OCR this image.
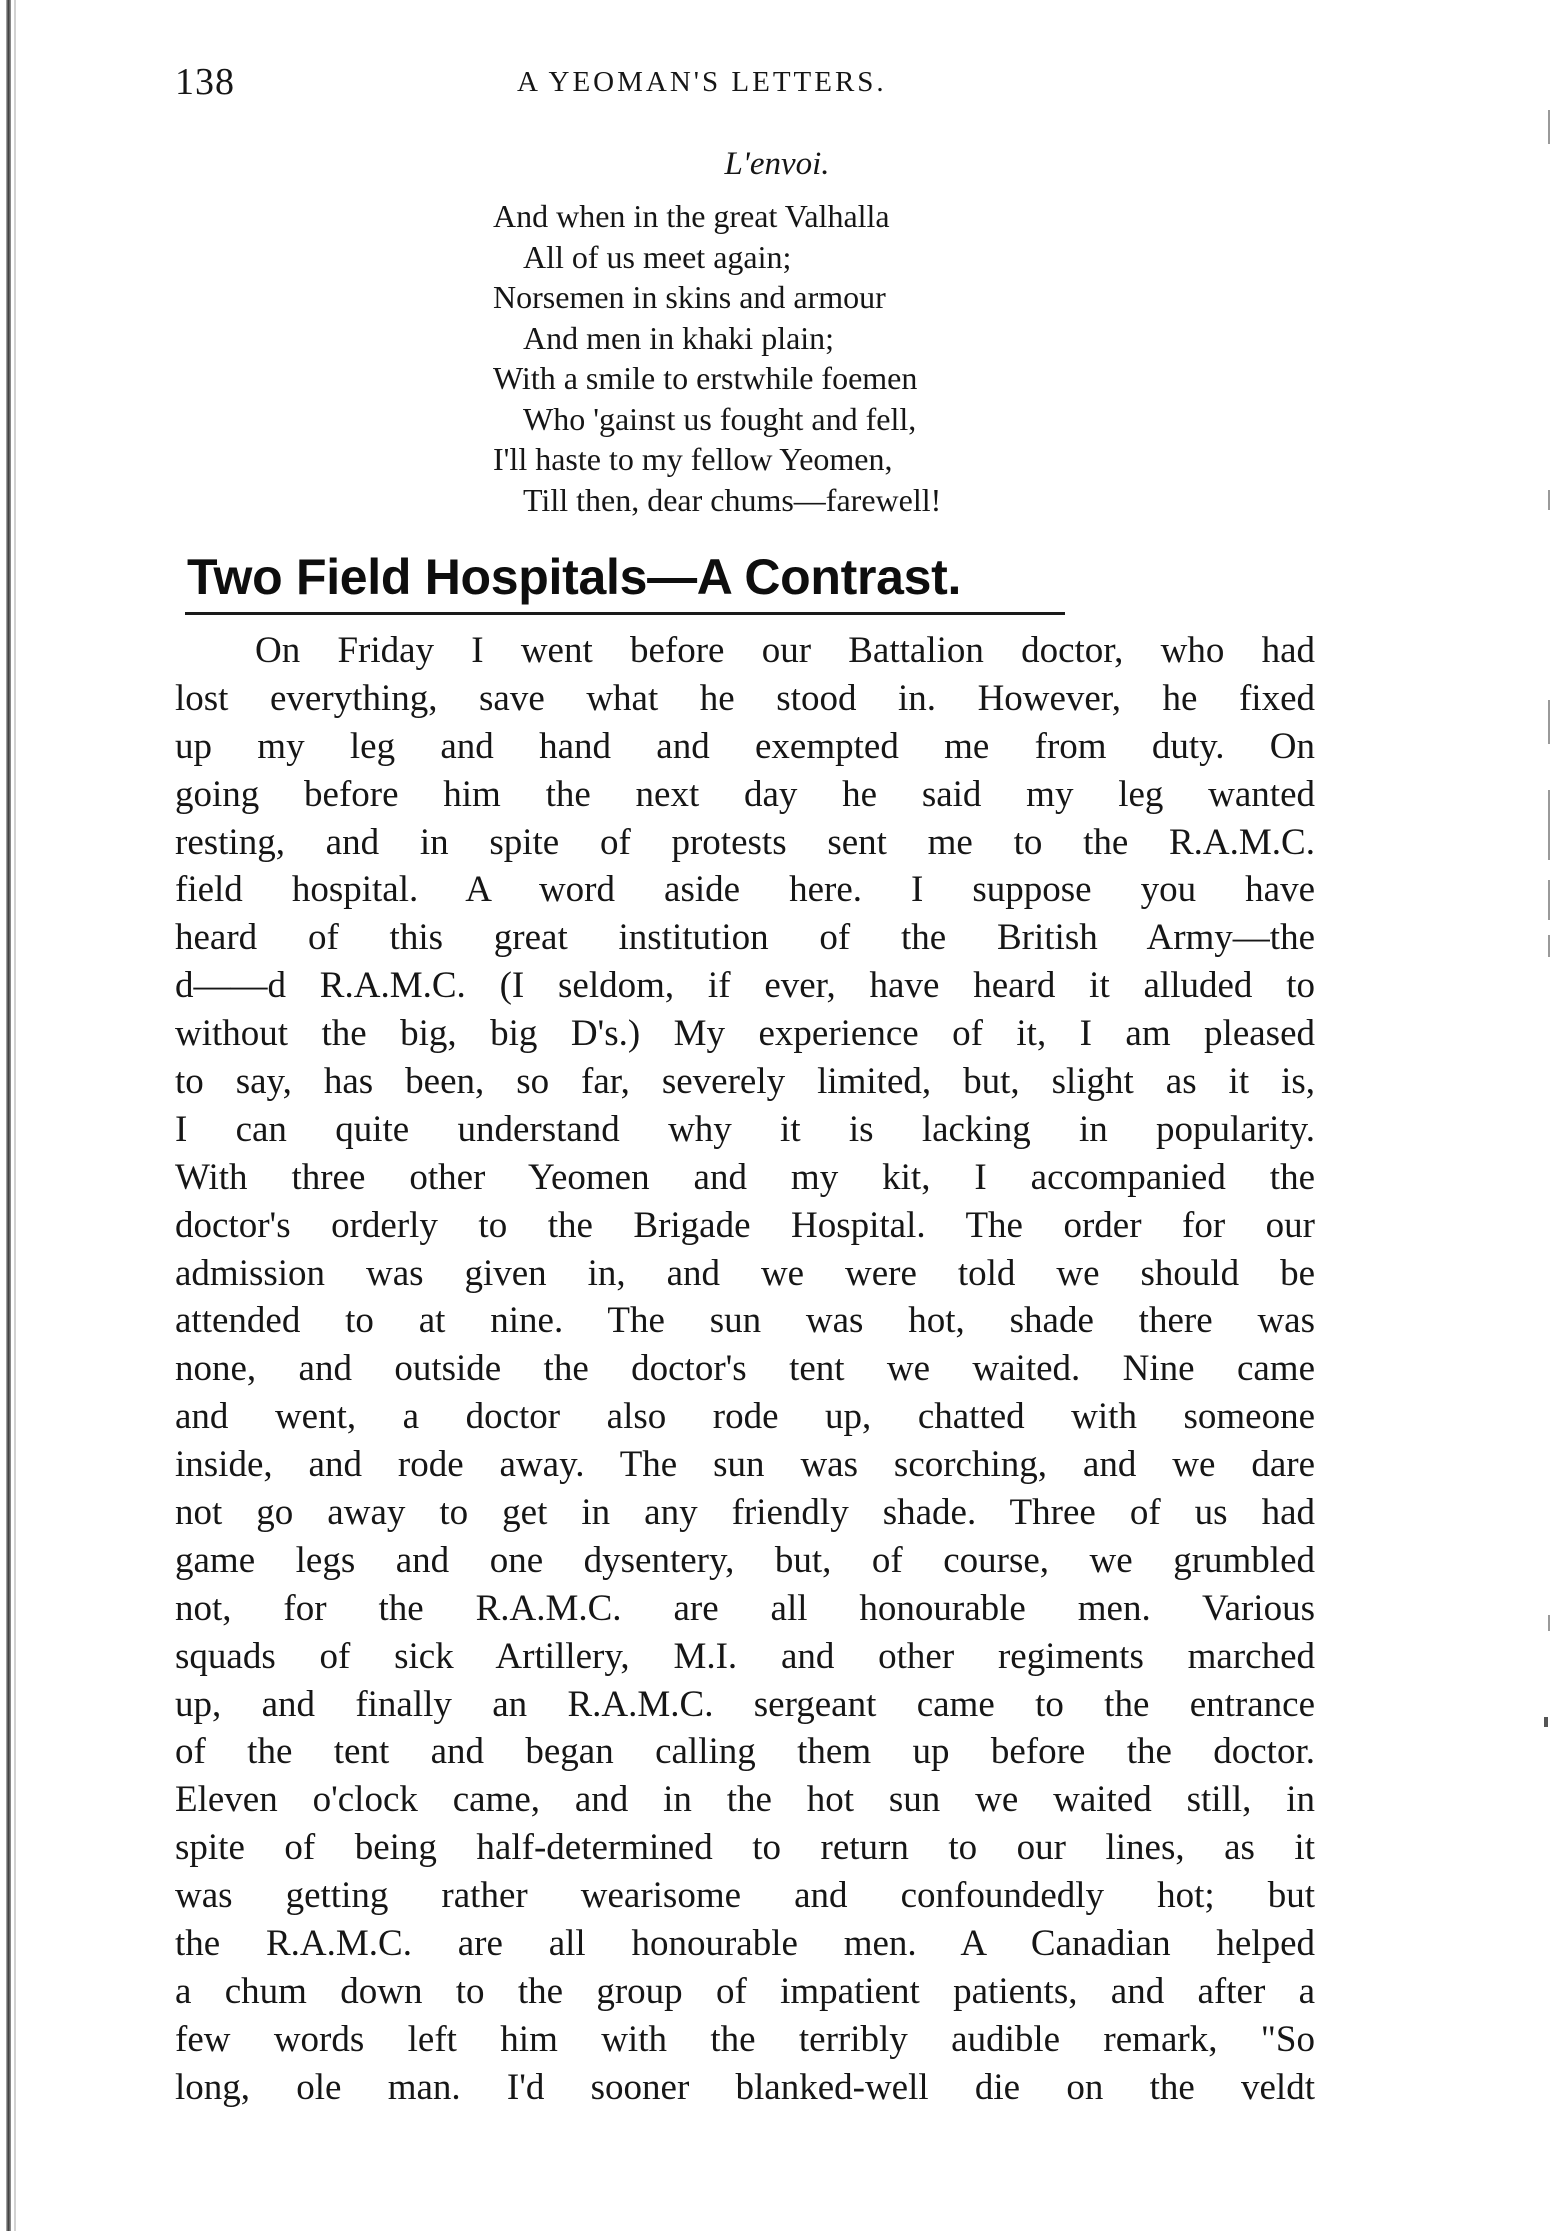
138	A YEOMAN'S LETTERS.
L'envoi.
And when in the great Valhalla
All of us meet again;
Norsemen in skins and armour
And men in khaki plain;
With a smile to erstwhile foemen
Who 'gainst us fought and fell,
I'll haste to my fellow Yeomen,
Till then, dear chums—farewell!
Two Field Hospitals—A Contrast.
On Friday I went before our Battalion doctor, who had
lost everything, save what he stood in. However, he fixed
up my leg and hand and exempted me from duty. On
going before him the next day he said my leg wanted
resting, and in spite of protests sent me to the R.A.M.C.
field hospital. A word aside here. I suppose you have
heard of this great institution of the British Army—the
d——d R.A.M.C. (I seldom, if ever, have heard it alluded to
without the big, big D's.) My experience of it, I am pleased
to say, has been, so far, severely limited, but, slight as it is,
I can quite understand why it is lacking in popularity.
With three other Yeomen and my kit, I accompanied the
doctor's orderly to the Brigade Hospital. The order for our
admission was given in, and we were told we should be
attended to at nine. The sun was hot, shade there was
none, and outside the doctor's tent we waited. Nine came
and went, a doctor also rode up, chatted with someone
inside, and rode away. The sun was scorching, and we dare
not go away to get in any friendly shade. Three of us had
game legs and one dysentery, but, of course, we grumbled
not, for the R.A.M.C. are all honourable men. Various
squads of sick Artillery, M.I. and other regiments marched
up, and finally an R.A.M.C. sergeant came to the entrance
of the tent and began calling them up before the doctor.
Eleven o'clock came, and in the hot sun we waited still, in
spite of being half-determined to return to our lines, as it
was getting rather wearisome and confoundedly hot; but
the R.A.M.C. are all honourable men. A Canadian helped
a chum down to the group of impatient patients, and after a
few words left him with the terribly audible remark, "So
long, ole man. I'd sooner blanked-well die on the veldt
